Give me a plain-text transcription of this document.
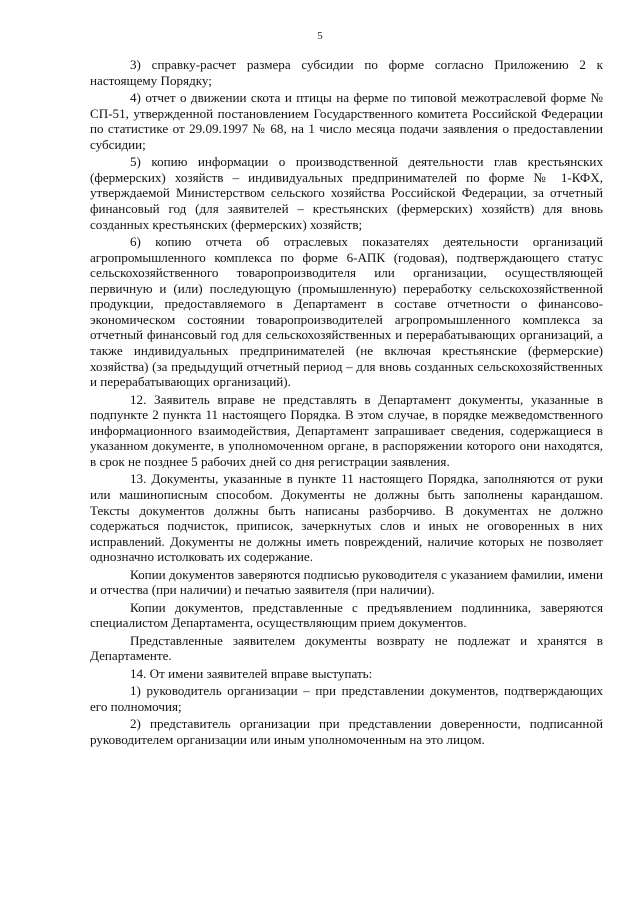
5

3) справку-расчет размера субсидии по форме согласно Приложению 2 к настоящему Порядку;

4) отчет о движении скота и птицы на ферме по типовой межотраслевой форме № СП-51, утвержденной постановлением Государственного комитета Российской Федерации по статистике от 29.09.1997 № 68, на 1 число месяца подачи заявления о предоставлении субсидии;

5) копию информации о производственной деятельности глав крестьянских (фермерских) хозяйств – индивидуальных предпринимателей по форме № 1-КФХ, утверждаемой Министерством сельского хозяйства Российской Федерации, за отчетный финансовый год (для заявителей – крестьянских (фермерских) хозяйств) для вновь созданных крестьянских (фермерских) хозяйств;

6) копию отчета об отраслевых показателях деятельности организаций агропромышленного комплекса по форме 6-АПК (годовая), подтверждающего статус сельскохозяйственного товаропроизводителя или организации, осуществляющей первичную и (или) последующую (промышленную) переработку сельскохозяйственной продукции, предоставляемого в Департамент в составе отчетности о финансово-экономическом состоянии товаропроизводителей агропромышленного комплекса за отчетный финансовый год для сельскохозяйственных и перерабатывающих организаций, а также индивидуальных предпринимателей (не включая крестьянские (фермерские) хозяйства) (за предыдущий отчетный период – для вновь созданных сельскохозяйственных и перерабатывающих организаций).

12. Заявитель вправе не представлять в Департамент документы, указанные в подпункте 2 пункта 11 настоящего Порядка. В этом случае, в порядке межведомственного информационного взаимодействия, Департамент запрашивает сведения, содержащиеся в указанном документе, в уполномоченном органе, в распоряжении которого они находятся, в срок не позднее 5 рабочих дней со дня регистрации заявления.

13. Документы, указанные в пункте 11 настоящего Порядка, заполняются от руки или машинописным способом. Документы не должны быть заполнены карандашом. Тексты документов должны быть написаны разборчиво. В документах не должно содержаться подчисток, приписок, зачеркнутых слов и иных не оговоренных в них исправлений. Документы не должны иметь повреждений, наличие которых не позволяет однозначно истолковать их содержание.

Копии документов заверяются подписью руководителя с указанием фамилии, имени и отчества (при наличии) и печатью заявителя (при наличии).

Копии документов, представленные с предъявлением подлинника, заверяются специалистом Департамента, осуществляющим прием документов.

Представленные заявителем документы возврату не подлежат и хранятся в Департаменте.

14. От имени заявителей вправе выступать:

1) руководитель организации – при представлении документов, подтверждающих его полномочия;

2) представитель организации при представлении доверенности, подписанной руководителем организации или иным уполномоченным на это лицом.
